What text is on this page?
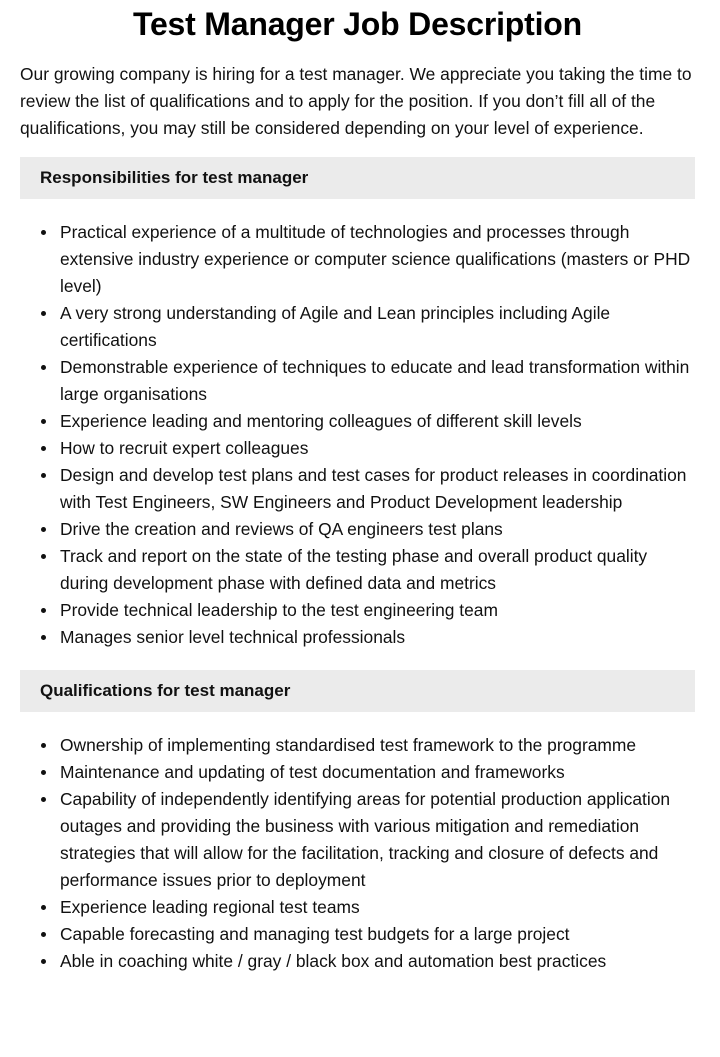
Test Manager Job Description

Our growing company is hiring for a test manager. We appreciate you taking the time to review the list of qualifications and to apply for the position. If you don’t fill all of the qualifications, you may still be considered depending on your level of experience.

Responsibilities for test manager
Practical experience of a multitude of technologies and processes through extensive industry experience or computer science qualifications (masters or PHD level)
A very strong understanding of Agile and Lean principles including Agile certifications
Demonstrable experience of techniques to educate and lead transformation within large organisations
Experience leading and mentoring colleagues of different skill levels
How to recruit expert colleagues
Design and develop test plans and test cases for product releases in coordination with Test Engineers, SW Engineers and Product Development leadership
Drive the creation and reviews of QA engineers test plans
Track and report on the state of the testing phase and overall product quality during development phase with defined data and metrics
Provide technical leadership to the test engineering team
Manages senior level technical professionals
Qualifications for test manager
Ownership of implementing standardised test framework to the programme
Maintenance and updating of test documentation and frameworks
Capability of independently identifying areas for potential production application outages and providing the business with various mitigation and remediation strategies that will allow for the facilitation, tracking and closure of defects and performance issues prior to deployment
Experience leading regional test teams
Capable forecasting and managing test budgets for a large project
Able in coaching white / gray / black box and automation best practices
